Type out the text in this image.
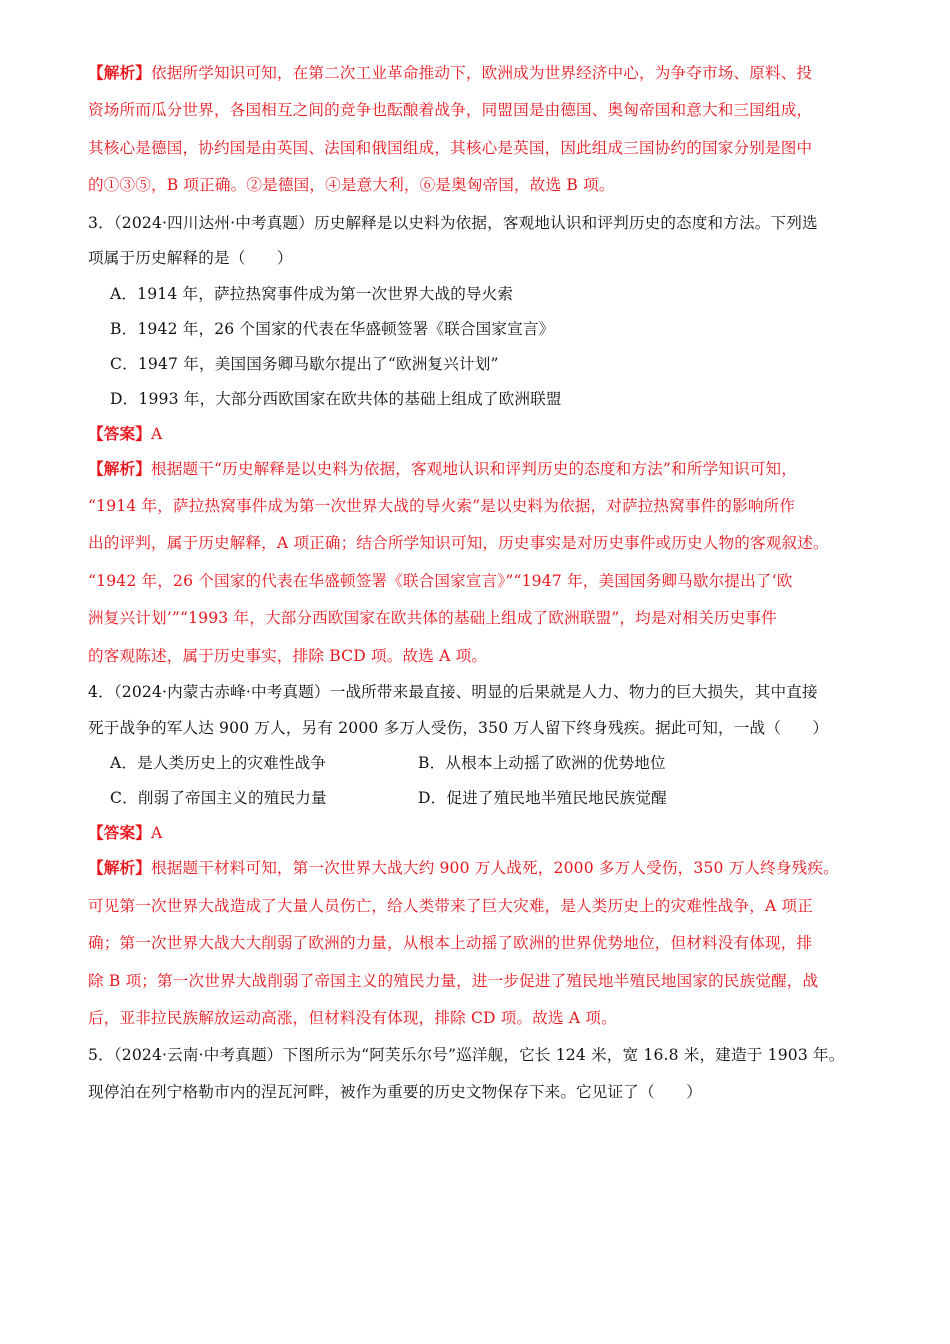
【解析】依据所学知识可知，在第二次工业革命推动下，欧洲成为世界经济中心，为争夺市场、原料、投
资场所而瓜分世界，各国相互之间的竞争也酝酿着战争，同盟国是由德国、奥匈帝国和意大和三国组成，
其核心是德国，协约国是由英国、法国和俄国组成，其核心是英国，因此组成三国协约的国家分别是图中
的①③⑤，B 项正确。②是德国，④是意大利，⑥是奥匈帝国，故选 B 项。
3．（2024·四川达州·中考真题）历史解释是以史料为依据，客观地认识和评判历史的态度和方法。下列选
项属于历史解释的是（　　）
A．1914 年，萨拉热窝事件成为第一次世界大战的导火索
B．1942 年，26 个国家的代表在华盛顿签署《联合国家宣言》
C．1947 年，美国国务卿马歇尔提出了“欧洲复兴计划”
D．1993 年，大部分西欧国家在欧共体的基础上组成了欧洲联盟
【答案】A
【解析】根据题干“历史解释是以史料为依据，客观地认识和评判历史的态度和方法”和所学知识可知，
“1914 年，萨拉热窝事件成为第一次世界大战的导火索”是以史料为依据，对萨拉热窝事件的影响所作
出的评判，属于历史解释，A 项正确；结合所学知识可知，历史事实是对历史事件或历史人物的客观叙述。
“1942 年，26 个国家的代表在华盛顿签署《联合国家宣言》”“1947 年，美国国务卿马歇尔提出了‘欧
洲复兴计划’”“1993 年，大部分西欧国家在欧共体的基础上组成了欧洲联盟”，均是对相关历史事件
的客观陈述，属于历史事实，排除 BCD 项。故选 A 项。
4．（2024·内蒙古赤峰·中考真题）一战所带来最直接、明显的后果就是人力、物力的巨大损失，其中直接
死于战争的军人达 900 万人，另有 2000 多万人受伤，350 万人留下终身残疾。据此可知，一战（　　）
A．是人类历史上的灾难性战争	B．从根本上动摇了欧洲的优势地位
C．削弱了帝国主义的殖民力量	D．促进了殖民地半殖民地民族觉醒
【答案】A
【解析】根据题干材料可知，第一次世界大战大约 900 万人战死，2000 多万人受伤，350 万人终身残疾。
可见第一次世界大战造成了大量人员伤亡，给人类带来了巨大灾难，是人类历史上的灾难性战争，A 项正
确；第一次世界大战大大削弱了欧洲的力量，从根本上动摇了欧洲的世界优势地位，但材料没有体现，排
除 B 项；第一次世界大战削弱了帝国主义的殖民力量，进一步促进了殖民地半殖民地国家的民族觉醒，战
后，亚非拉民族解放运动高涨，但材料没有体现，排除 CD 项。故选 A 项。
5．（2024·云南·中考真题）下图所示为“阿芙乐尔号”巡洋舰，它长 124 米，宽 16.8 米，建造于 1903 年。
现停泊在列宁格勒市内的涅瓦河畔，被作为重要的历史文物保存下来。它见证了（　　）
